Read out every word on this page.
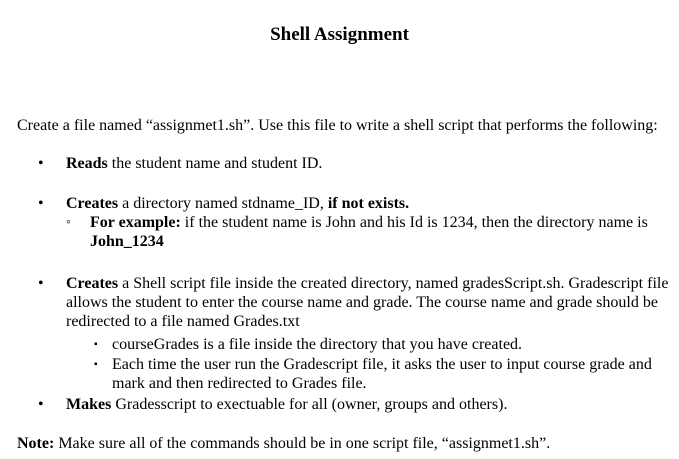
Shell Assignment
Create a file named “assignmet1.sh”. Use this file to write a shell script that performs the following:
•	Reads the student name and student ID.
•	Creates a directory named stdname_ID, if not exists.
◦	For example: if the student name is John and his Id is 1234, then the directory name is John_1234
•	Creates a Shell script file inside the created directory, named gradesScript.sh. Gradescript file allows the student to enter the course name and grade. The course name and grade should be redirected to a file named Grades.txt
▪ courseGrades is a file inside the directory that you have created.
▪ Each time the user run the Gradescript file, it asks the user to input course grade and mark and then redirected to Grades file.
•	Makes Gradesscript to exectuable for all (owner, groups and others).
Note: Make sure all of the commands should be in one script file, “assignmet1.sh”.
